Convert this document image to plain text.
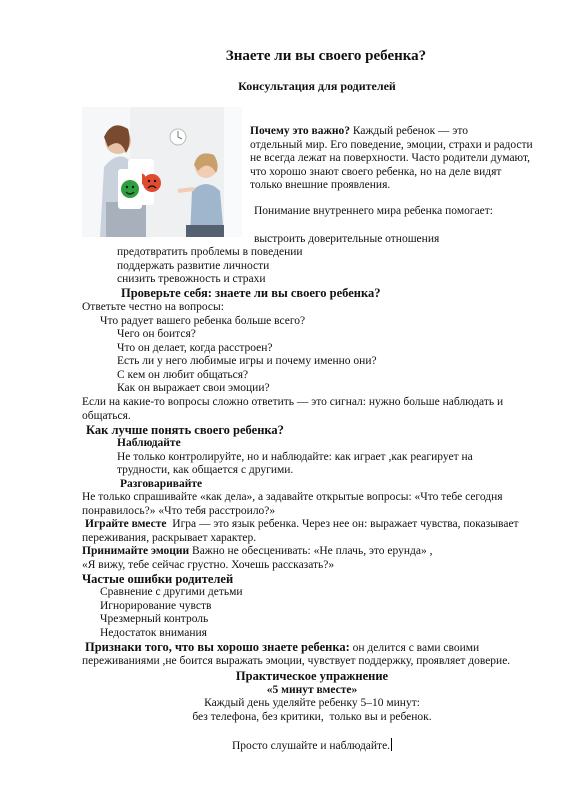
Знаете ли вы своего ребенка?
Консультация для родителей
Почему это важно? Каждый ребенок — это
отдельный мир. Его поведение, эмоции, страхи и радости
не всегда лежат на поверхности. Часто родители думают,
что хорошо знают своего ребенка, но на деле видят
только внешние проявления.
Понимание внутреннего мира ребенка помогает:
выстроить доверительные отношения
предотвратить проблемы в поведении
поддержать развитие личности
снизить тревожность и страхи
Проверьте себя: знаете ли вы своего ребенка?
Ответьте честно на вопросы:
Что радует вашего ребенка больше всего?
Чего он боится?
Что он делает, когда расстроен?
Есть ли у него любимые игры и почему именно они?
С кем он любит общаться?
Как он выражает свои эмоции?
Если на какие-то вопросы сложно ответить — это сигнал: нужно больше наблюдать и
общаться.
Как лучше понять своего ребенка?
Наблюдайте
Не только контролируйте, но и наблюдайте: как играет ,как реагирует на
трудности, как общается с другими.
Разговаривайте
Не только спрашивайте «как дела», а задавайте открытые вопросы: «Что тебе сегодня
понравилось?» «Что тебя расстроило?»
Играйте вместе  Игра — это язык ребенка. Через нее он: выражает чувства, показывает
переживания, раскрывает характер.
Принимайте эмоции Важно не обесценивать: «Не плачь, это ерунда» ,
«Я вижу, тебе сейчас грустно. Хочешь рассказать?»
Частые ошибки родителей
Сравнение с другими детьми
Игнорирование чувств
Чрезмерный контроль
Недостаток внимания
Признаки того, что вы хорошо знаете ребенка: он делится с вами своими
переживаниями ,не боится выражать эмоции, чувствует поддержку, проявляет доверие.
Практическое упражнение
«5 минут вместе»
Каждый день уделяйте ребенку 5–10 минут:
без телефона, без критики,  только вы и ребенок.
Просто слушайте и наблюдайте.
